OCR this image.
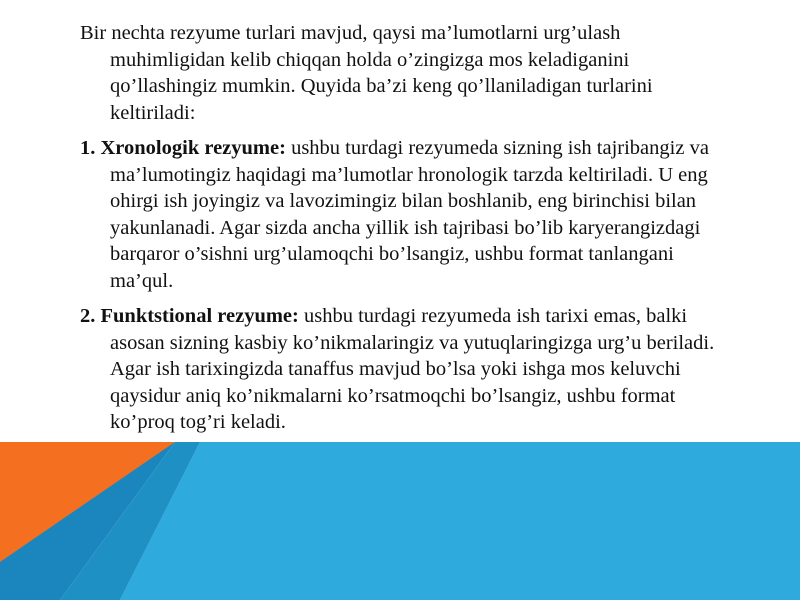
Bir nechta rezyume turlari mavjud, qaysi ma’lumotlarni urg’ulash muhimligidan kelib chiqqan holda o’zingizga mos keladiganini qo’llashingiz mumkin. Quyida ba’zi keng qo’llaniladigan turlarini keltiriladi:

1. Xronologik rezyume: ushbu turdagi rezyumeda sizning ish tajribangiz va ma’lumotingiz haqidagi ma’lumotlar hronologik tarzda keltiriladi. U eng ohirgi ish joyingiz va lavozimingiz bilan boshlanib, eng birinchisi bilan yakunlanadi. Agar sizda ancha yillik ish tajribasi bo’lib karyerangizdagi barqaror o’sishni urg’ulamoqchi bo’lsangiz, ushbu format tanlangani ma’qul.

2. Funktstional rezyume: ushbu turdagi rezyumeda ish tarixi emas, balki asosan sizning kasbiy ko’nikmalaringiz va yutuqlaringizga urg’u beriladi. Agar ish tarixingizda tanaffus mavjud bo’lsa yoki ishga mos keluvchi qaysidur aniq ko’nikmalarni ko’rsatmoqchi bo’lsangiz, ushbu format ko’proq tog’ri keladi.
